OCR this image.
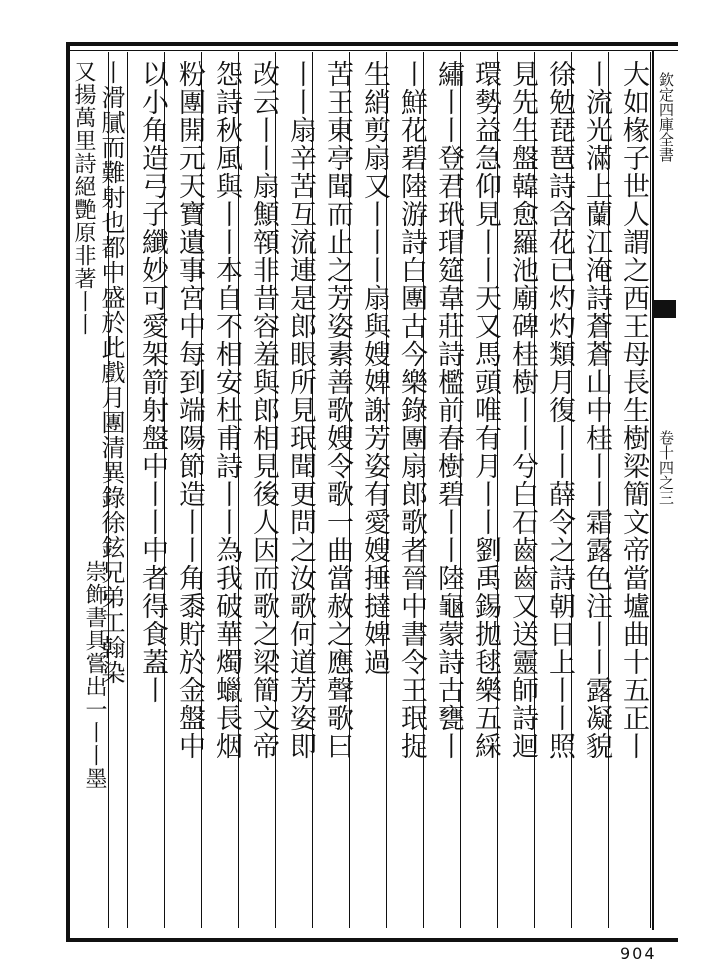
欽定四庫全書
卷十四之三
大如椽子世人謂之西王母長生樹梁簡文帝當壚曲十五正丨
丨流光滿上蘭江淹詩蒼蒼山中桂丨丨霜露色注丨丨露凝貌
徐勉琵琶詩含花已灼灼類月復丨丨薛令之詩朝日上丨丨照
見先生盤韓愈羅池廟碑桂樹丨丨兮白石齒齒又送靈師詩迴
環勢益急仰見丨丨天又馬頭唯有月丨丨劉禹錫拋毬樂五綵
繡丨丨登君玳瑁筵韋莊詩檻前春樹碧丨丨陸龜蒙詩古甕丨
丨鮮花碧陸游詩白團古今樂錄團扇郎歌者晉中書令王珉捉
生綃剪扇又丨丨丨扇與嫂婢謝芳姿有愛嫂捶撻婢過
苦王東亭聞而止之芳姿素善歌嫂令歌一曲當赦之應聲歌曰
丨丨扇辛苦互流連是郎眼所見珉聞更問之汝歌何道芳姿即
改云丨丨扇顦顇非昔容羞與郎相見後人因而歌之梁簡文帝
怨詩秋風與丨丨本自不相安杜甫詩丨丨為我破華燭蠟長烟
粉團開元天寶遺事宮中每到端陽節造丨丨角黍貯於金盤中
以小角造弓子纖妙可愛架箭射盤中丨丨中者得食蓋丨
丨滑膩而難射也都中盛於此戲月團清異錄徐鉉兄弟工翰染
崇飾書具嘗出一丨丨墨
又揚萬里詩絕艷原非著丨丨
904
